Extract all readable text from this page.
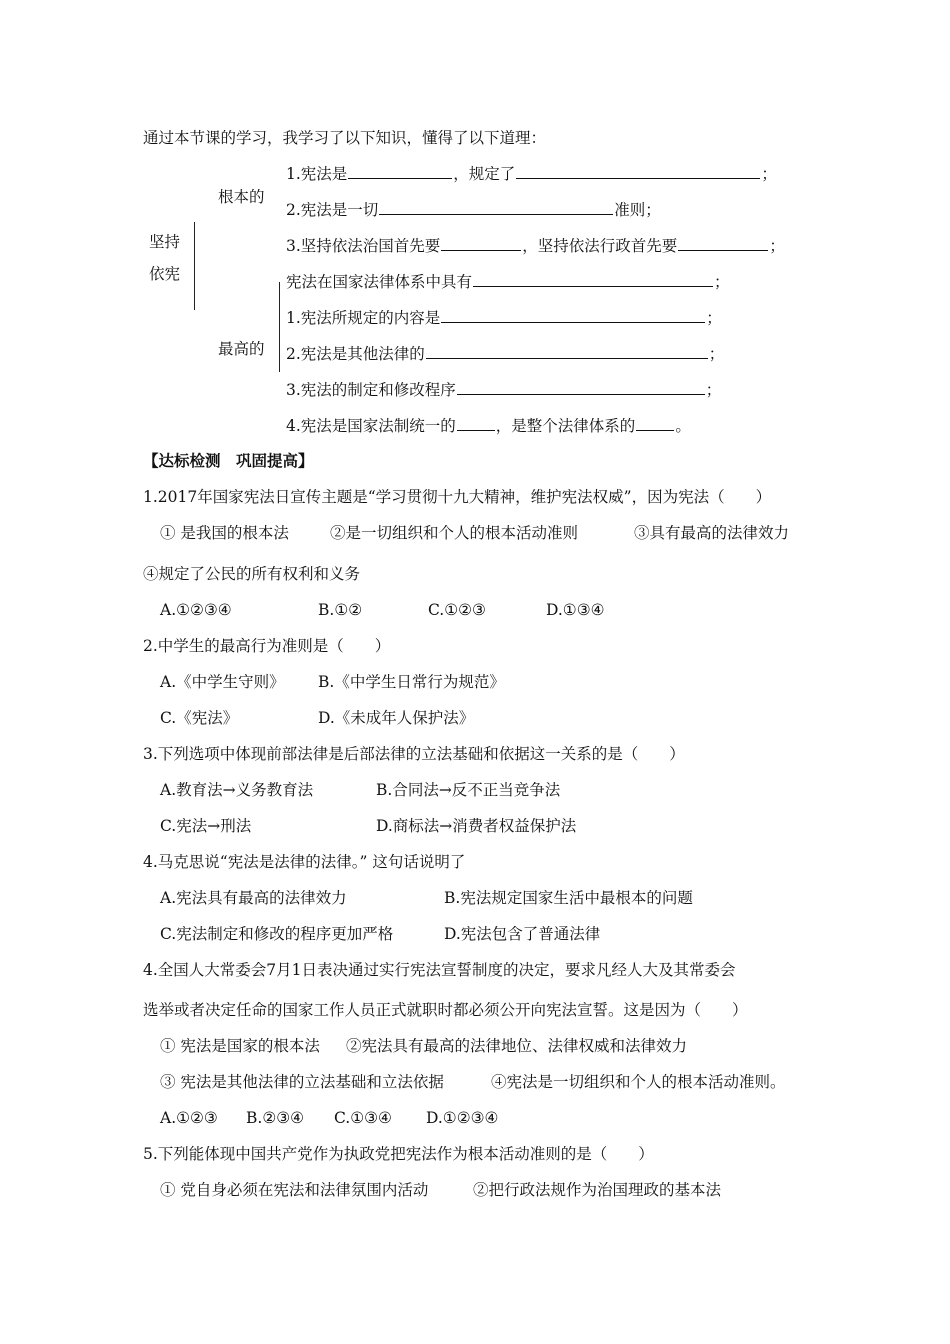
通过本节课的学习，我学习了以下知识，懂得了以下道理：
坚持
依宪
根本的
最高的
1.宪法是	，规定了	；
2.宪法是一切	准则；
3.坚持依法治国首先要	，坚持依法行政首先要	；
宪法在国家法律体系中具有	；
1.宪法所规定的内容是	；
2.宪法是其他法律的	；
3.宪法的制定和修改程序	；
4.宪法是国家法制统一的	，是整个法律体系的	。
【达标检测　巩固提高】
1.2017年国家宪法日宣传主题是“学习贯彻十九大精神，维护宪法权威”，因为宪法（　　）
① 是我国的根本法	②是一切组织和个人的根本活动准则	③具有最高的法律效力
④规定了公民的所有权利和义务
A.①②③④	B.①②	C.①②③	D.①③④
2.中学生的最高行为准则是（　　）
A.《中学生守则》 B.《中学生日常行为规范》
C.《宪法》	D.《未成年人保护法》
3.下列选项中体现前部法律是后部法律的立法基础和依据这一关系的是（　　）
A.教育法→义务教育法	B.合同法→反不正当竞争法
C.宪法→刑法	D.商标法→消费者权益保护法
4.马克思说“宪法是法律的法律。” 这句话说明了
A.宪法具有最高的法律效力	B.宪法规定国家生活中最根本的问题
C.宪法制定和修改的程序更加严格	D.宪法包含了普通法律
4.全国人大常委会7月1日表决通过实行宪法宣誓制度的决定，要求凡经人大及其常委会
选举或者决定任命的国家工作人员正式就职时都必须公开向宪法宣誓。这是因为（　　）
① 宪法是国家的根本法 ②宪法具有最高的法律地位、法律权威和法律效力
③ 宪法是其他法律的立法基础和立法依据	④宪法是一切组织和个人的根本活动准则。
A.①②③ B.②③④ C.①③④ D.①②③④
5.下列能体现中国共产党作为执政党把宪法作为根本活动准则的是（　　）
① 党自身必须在宪法和法律氛围内活动	②把行政法规作为治国理政的基本法
